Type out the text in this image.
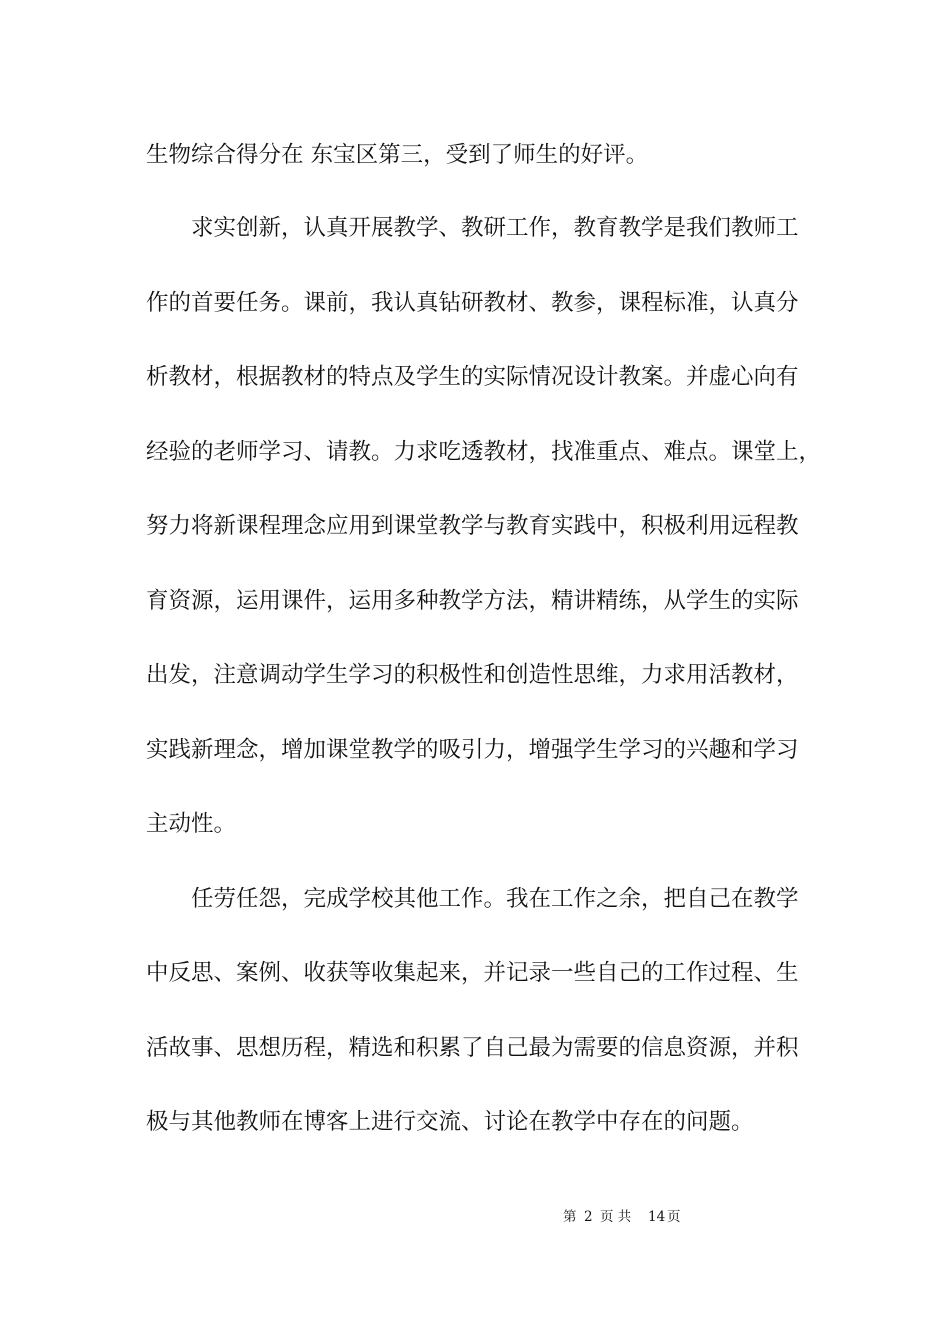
生物综合得分在 东宝区第三，受到了师生的好评。
求实创新，认真开展教学、教研工作，教育教学是我们教师工
作的首要任务。课前，我认真钻研教材、教参，课程标准，认真分
析教材，根据教材的特点及学生的实际情况设计教案。并虚心向有
经验的老师学习、请教。力求吃透教材，找准重点、难点。课堂上，
努力将新课程理念应用到课堂教学与教育实践中，积极利用远程教
育资源，运用课件，运用多种教学方法，精讲精练，从学生的实际
出发，注意调动学生学习的积极性和创造性思维，力求用活教材，
实践新理念，增加课堂教学的吸引力，增强学生学习的兴趣和学习
主动性。
任劳任怨，完成学校其他工作。我在工作之余，把自己在教学
中反思、案例、收获等收集起来，并记录一些自己的工作过程、生
活故事、思想历程，精选和积累了自己最为需要的信息资源，并积
极与其他教师在博客上进行交流、讨论在教学中存在的问题。
第 2 页 共 14 页
